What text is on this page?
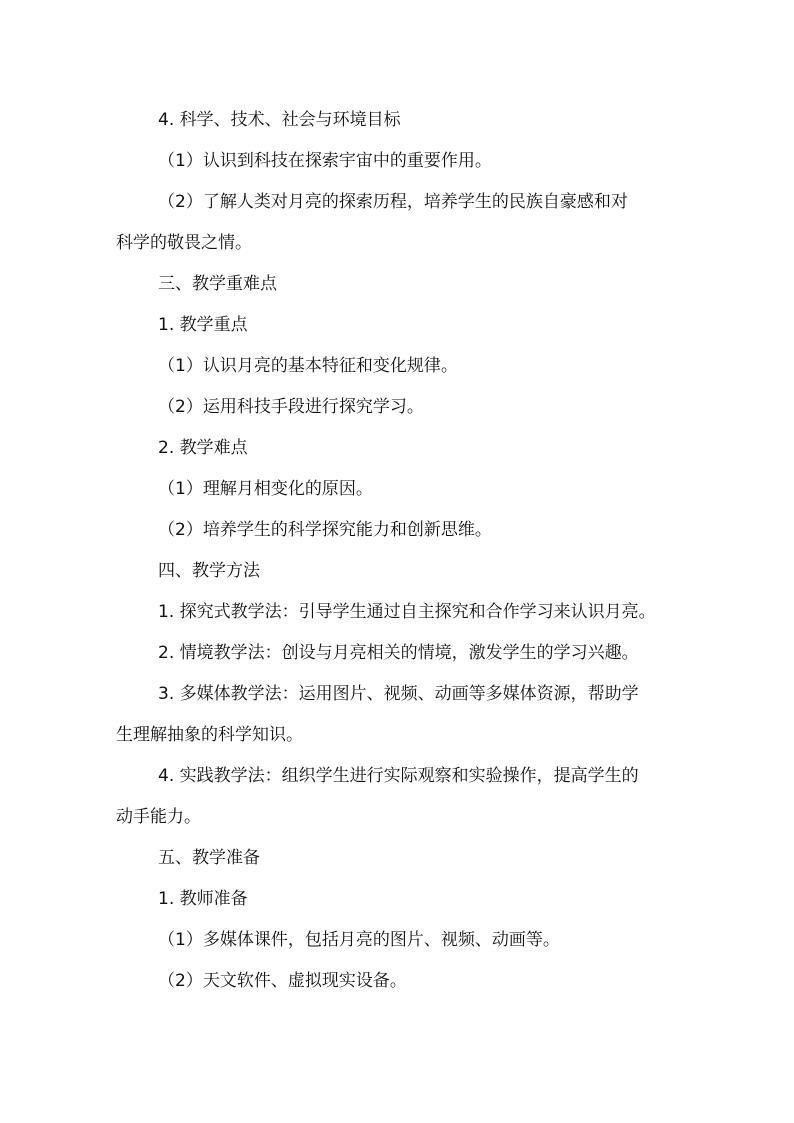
4. 科学、技术、社会与环境目标

（1）认识到科技在探索宇宙中的重要作用。

（2）了解人类对月亮的探索历程，培养学生的民族自豪感和对

科学的敬畏之情。

三、教学重难点

1. 教学重点

（1）认识月亮的基本特征和变化规律。

（2）运用科技手段进行探究学习。

2. 教学难点

（1）理解月相变化的原因。

（2）培养学生的科学探究能力和创新思维。

四、教学方法

1. 探究式教学法：引导学生通过自主探究和合作学习来认识月亮。

2. 情境教学法：创设与月亮相关的情境，激发学生的学习兴趣。

3. 多媒体教学法：运用图片、视频、动画等多媒体资源，帮助学

生理解抽象的科学知识。

4. 实践教学法：组织学生进行实际观察和实验操作，提高学生的

动手能力。

五、教学准备

1. 教师准备

（1）多媒体课件，包括月亮的图片、视频、动画等。

（2）天文软件、虚拟现实设备。
